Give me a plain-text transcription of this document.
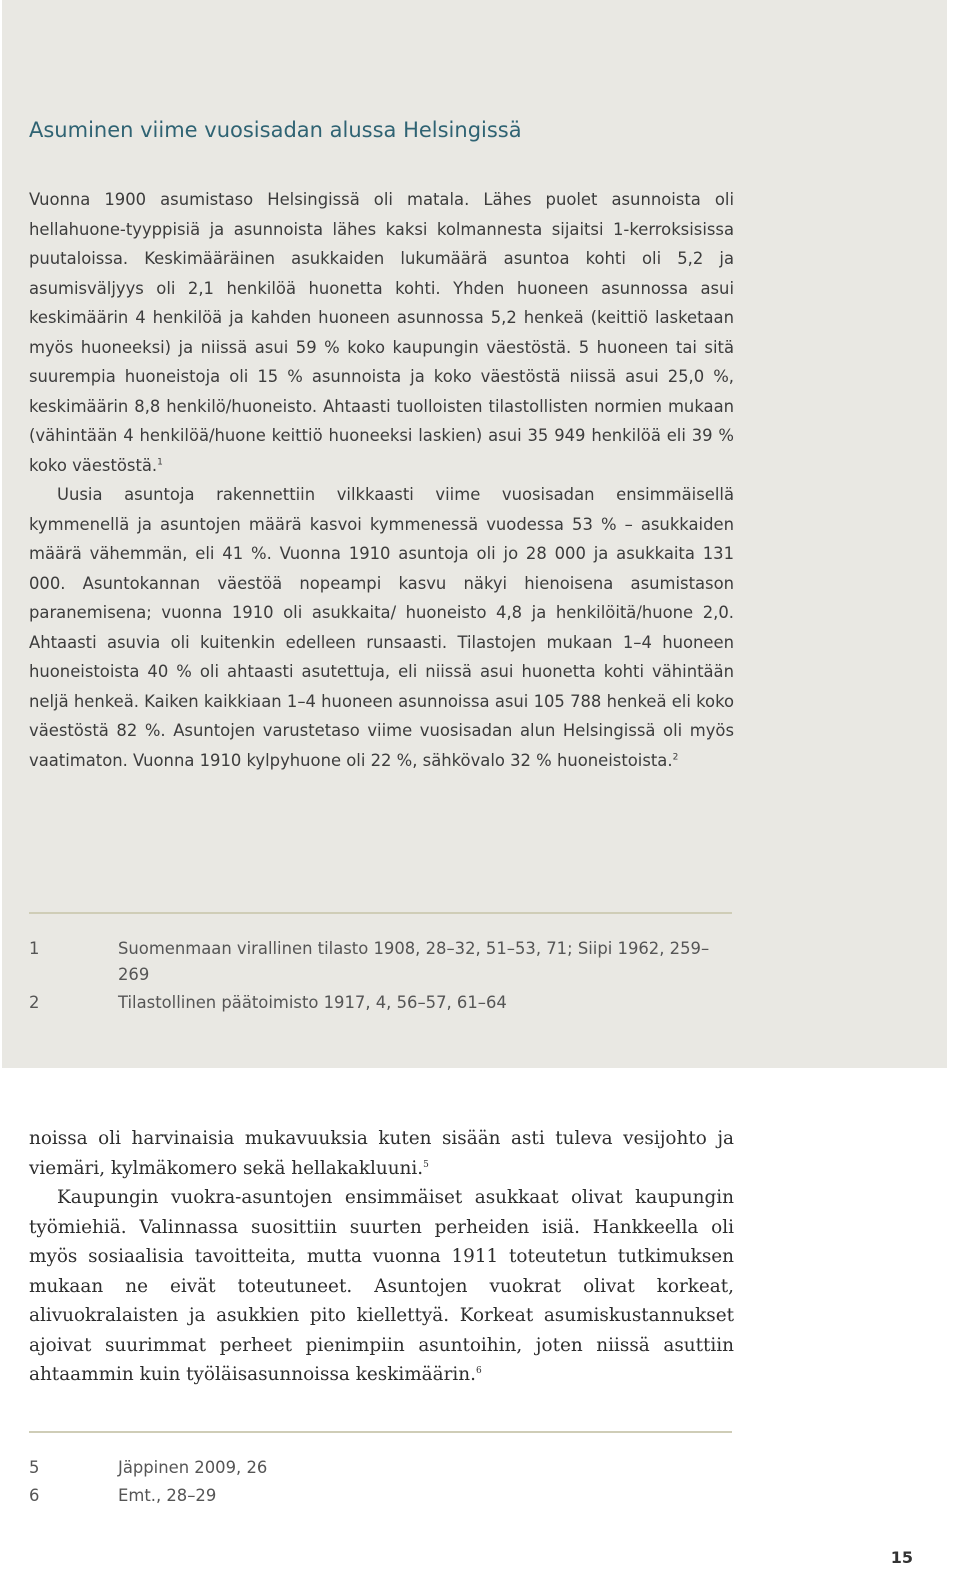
Asuminen viime vuosisadan alussa Helsingissä

Vuonna 1900 asumistaso Helsingissä oli matala. Lähes puolet asunnoista oli hellahuone-tyyppisiä ja asunnoista lähes kaksi kolmannesta sijaitsi 1-kerroksisissa puutaloissa. Keskimääräinen asukkaiden lukumäärä asuntoa kohti oli 5,2 ja asumisväljyys oli 2,1 henkilöä huonetta kohti. Yhden huoneen asunnossa asui keskimäärin 4 henkilöä ja kahden huoneen asunnossa 5,2 henkeä (keittiö lasketaan myös huoneeksi) ja niissä asui 59 % koko kaupungin väestöstä. 5 huoneen tai sitä suurempia huoneistoja oli 15 % asunnoista ja koko väestöstä niissä asui 25,0 %, keskimäärin 8,8 henkilö/huoneisto. Ahtaasti tuolloisten tilastollisten normien mukaan (vähintään 4 henkilöä/huone keittiö huoneeksi laskien) asui 35 949 henkilöä eli 39 % koko väestöstä.$^1$

Uusia asuntoja rakennettiin vilkkaasti viime vuosisadan ensimmäisellä kymmenellä ja asuntojen määrä kasvoi kymmenessä vuodessa 53 % – asukkaiden määrä vähemmän, eli 41 %. Vuonna 1910 asuntoja oli jo 28 000 ja asukkaita 131 000. Asuntokannan väestöä nopeampi kasvu näkyi hienoisena asumistason paranemisena; vuonna 1910 oli asukkaita/ huoneisto 4,8 ja henkilöitä/huone 2,0. Ahtaasti asuvia oli kuitenkin edelleen runsaasti. Tilastojen mukaan 1–4 huoneen huoneistoista 40 % oli ahtaasti asutettuja, eli niissä asui huonetta kohti vähintään neljä henkeä. Kaiken kaikkiaan 1–4 huoneen asunnoissa asui 105 788 henkeä eli koko väestöstä 82 %. Asuntojen varustetaso viime vuosisadan alun Helsingissä oli myös vaatimaton. Vuonna 1910 kylpyhuone oli 22 %, sähkövalo 32 % huoneistoista.$^2$

1	Suomenmaan virallinen tilasto 1908, 28–32, 51–53, 71; Siipi 1962, 259–269
2	Tilastollinen päätoimisto 1917, 4, 56–57, 61–64

noissa oli harvinaisia mukavuuksia kuten sisään asti tuleva vesijohto ja viemäri, kylmäkomero sekä hellakakluuni.$^5$

Kaupungin vuokra-asuntojen ensimmäiset asukkaat olivat kaupungin työmiehiä. Valinnassa suosittiin suurten perheiden isiä. Hankkeella oli myös sosiaalisia tavoitteita, mutta vuonna 1911 toteutetun tutkimuksen mukaan ne eivät toteutuneet. Asuntojen vuokrat olivat korkeat, alivuokralaisten ja asukkien pito kiellettyä. Korkeat asumiskustannukset ajoivat suurimmat perheet pienimpiin asuntoihin, joten niissä asuttiin ahtaammin kuin työläisasunnoissa keskimäärin.$^6$

5	Jäppinen 2009, 26
6	Emt., 28–29
15
